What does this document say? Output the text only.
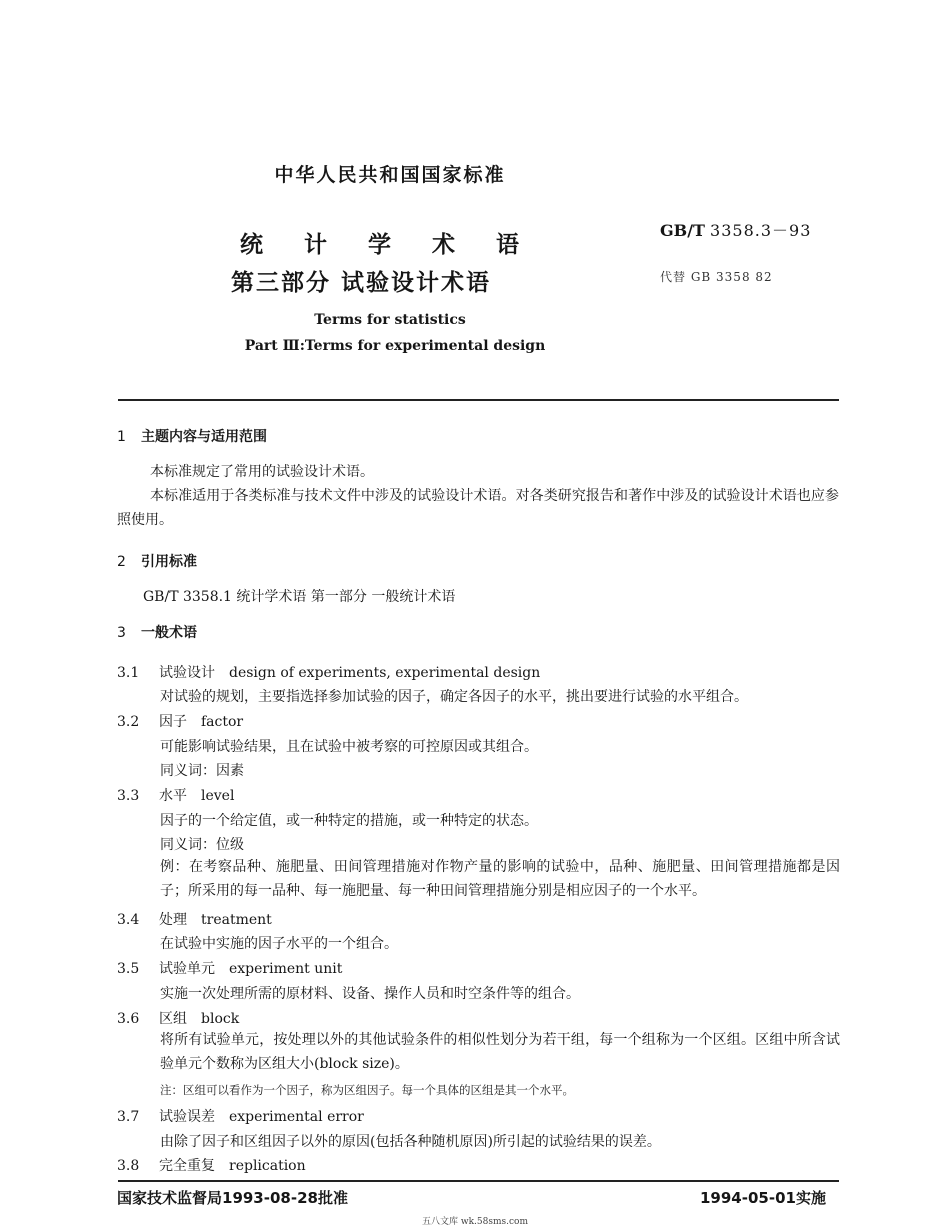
中华人民共和国国家标准
统计学术语
第三部分 试验设计术语
GB/T 3358.3－93
代替 GB 3358 82
Terms for statistics
Part Ⅲ:Terms for experimental design
1 主题内容与适用范围
本标准规定了常用的试验设计术语。
本标准适用于各类标准与技术文件中涉及的试验设计术语。对各类研究报告和著作中涉及的试验设计术语也应参照使用。
2 引用标准
GB/T 3358.1 统计学术语 第一部分 一般统计术语
3 一般术语
3.1 试验设计 design of experiments, experimental design
对试验的规划，主要指选择参加试验的因子，确定各因子的水平，挑出要进行试验的水平组合。
3.2 因子 factor
可能影响试验结果，且在试验中被考察的可控原因或其组合。
同义词：因素
3.3 水平 level
因子的一个给定值，或一种特定的措施，或一种特定的状态。
同义词：位级
例：在考察品种、施肥量、田间管理措施对作物产量的影响的试验中，品种、施肥量、田间管理措施都是因子；所采用的每一品种、每一施肥量、每一种田间管理措施分别是相应因子的一个水平。
3.4 处理 treatment
在试验中实施的因子水平的一个组合。
3.5 试验单元 experiment unit
实施一次处理所需的原材料、设备、操作人员和时空条件等的组合。
3.6 区组 block
将所有试验单元，按处理以外的其他试验条件的相似性划分为若干组，每一个组称为一个区组。区组中所含试验单元个数称为区组大小(block size)。
注：区组可以看作为一个因子，称为区组因子。每一个具体的区组是其一个水平。
3.7 试验误差 experimental error
由除了因子和区组因子以外的原因(包括各种随机原因)所引起的试验结果的误差。
3.8 完全重复 replication
国家技术监督局1993-08-28批准	1994-05-01实施
五八文库 wk.58sms.com
